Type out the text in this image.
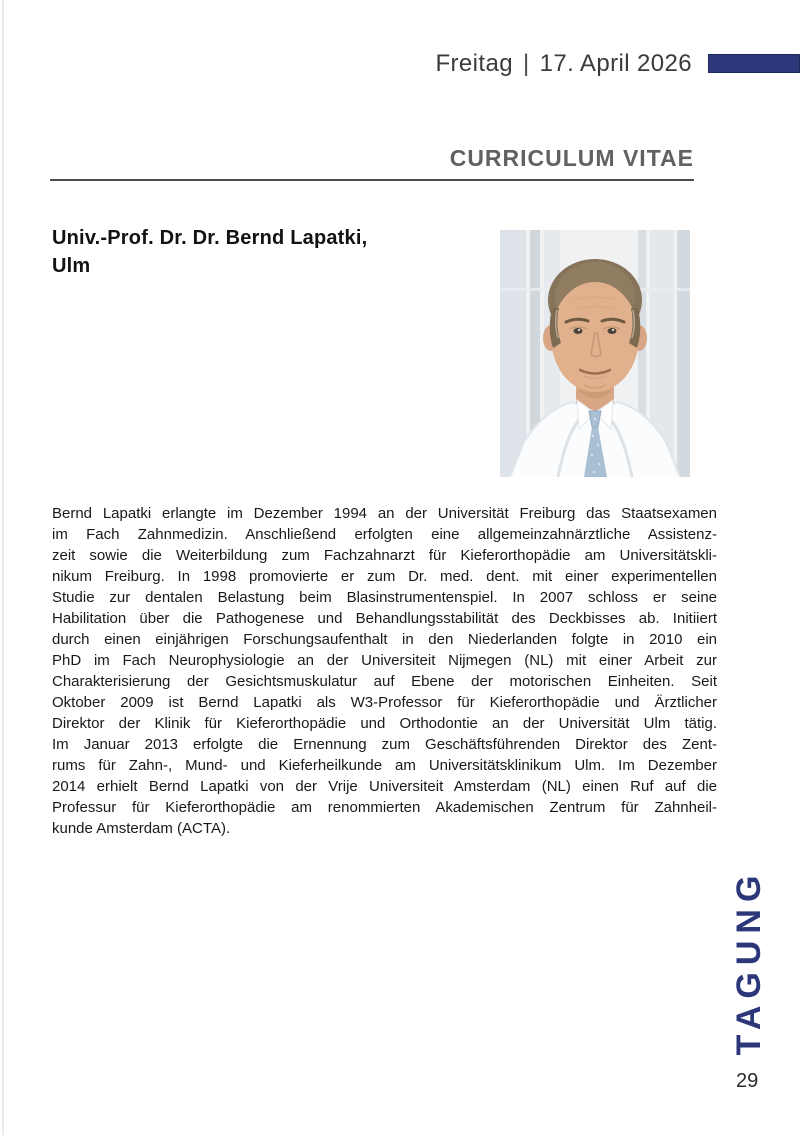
Freitag | 17. April 2026
CURRICULUM VITAE
Univ.-Prof. Dr. Dr. Bernd Lapatki,
Ulm
Bernd Lapatki erlangte im Dezember 1994 an der Universität Freiburg das Staatsexamen
im Fach Zahnmedizin. Anschließend erfolgten eine allgemeinzahnärztliche Assistenz-
zeit sowie die Weiterbildung zum Fachzahnarzt für Kieferorthopädie am Universitätskli-
nikum Freiburg. In 1998 promovierte er zum Dr. med. dent. mit einer experimentellen
Studie zur dentalen Belastung beim Blasinstrumentenspiel. In 2007 schloss er seine
Habilitation über die Pathogenese und Behandlungsstabilität des Deckbisses ab. Initiiert
durch einen einjährigen Forschungsaufenthalt in den Niederlanden folgte in 2010 ein
PhD im Fach Neurophysiologie an der Universiteit Nijmegen (NL) mit einer Arbeit zur
Charakterisierung der Gesichtsmuskulatur auf Ebene der motorischen Einheiten. Seit
Oktober 2009 ist Bernd Lapatki als W3-Professor für Kieferorthopädie und Ärztlicher
Direktor der Klinik für Kieferorthopädie und Orthodontie an der Universität Ulm tätig.
Im Januar 2013 erfolgte die Ernennung zum Geschäftsführenden Direktor des Zent-
rums für Zahn-, Mund- und Kieferheilkunde am Universitätsklinikum Ulm. Im Dezember
2014 erhielt Bernd Lapatki von der Vrije Universiteit Amsterdam (NL) einen Ruf auf die
Professur für Kieferorthopädie am renommierten Akademischen Zentrum für Zahnheil-
kunde Amsterdam (ACTA).
TAGUNG
29
